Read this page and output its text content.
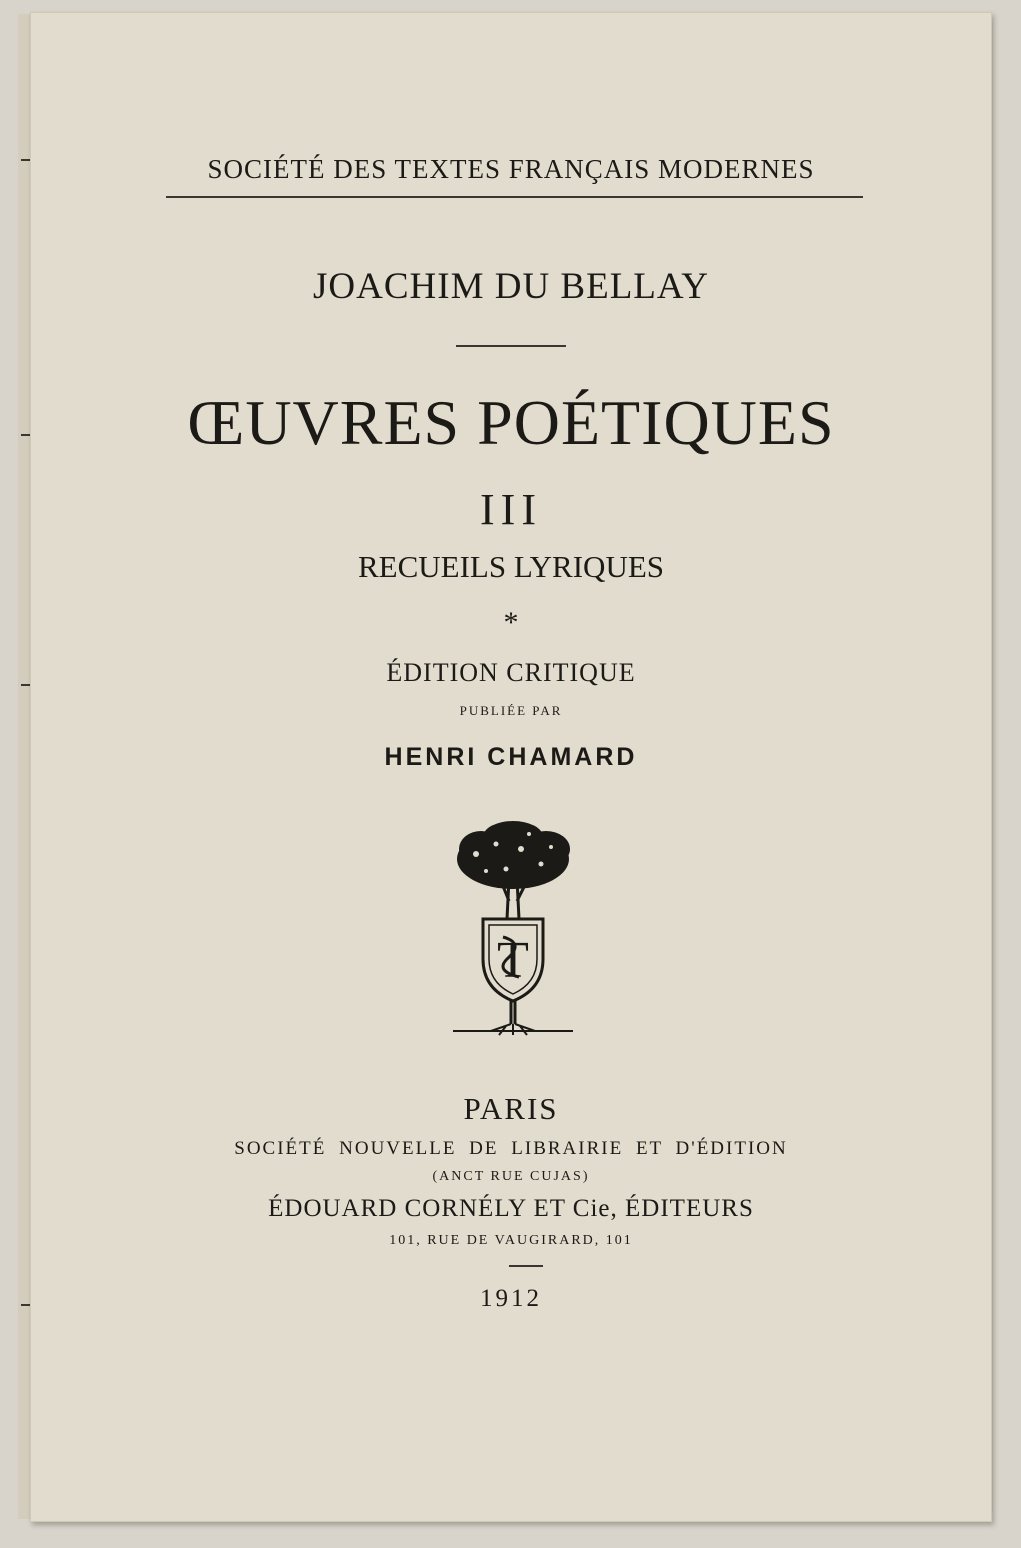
SOCIÉTÉ DES TEXTES FRANÇAIS MODERNES
JOACHIM DU BELLAY
ŒUVRES POÉTIQUES
III
RECUEILS LYRIQUES
*
ÉDITION CRITIQUE
PUBLIÉE PAR
HENRI CHAMARD
T
PARIS
SOCIÉTÉ NOUVELLE DE LIBRAIRIE ET D'ÉDITION
(ANCT RUE CUJAS)
ÉDOUARD CORNÉLY ET Cie, ÉDITEURS
101, RUE DE VAUGIRARD, 101
1912
